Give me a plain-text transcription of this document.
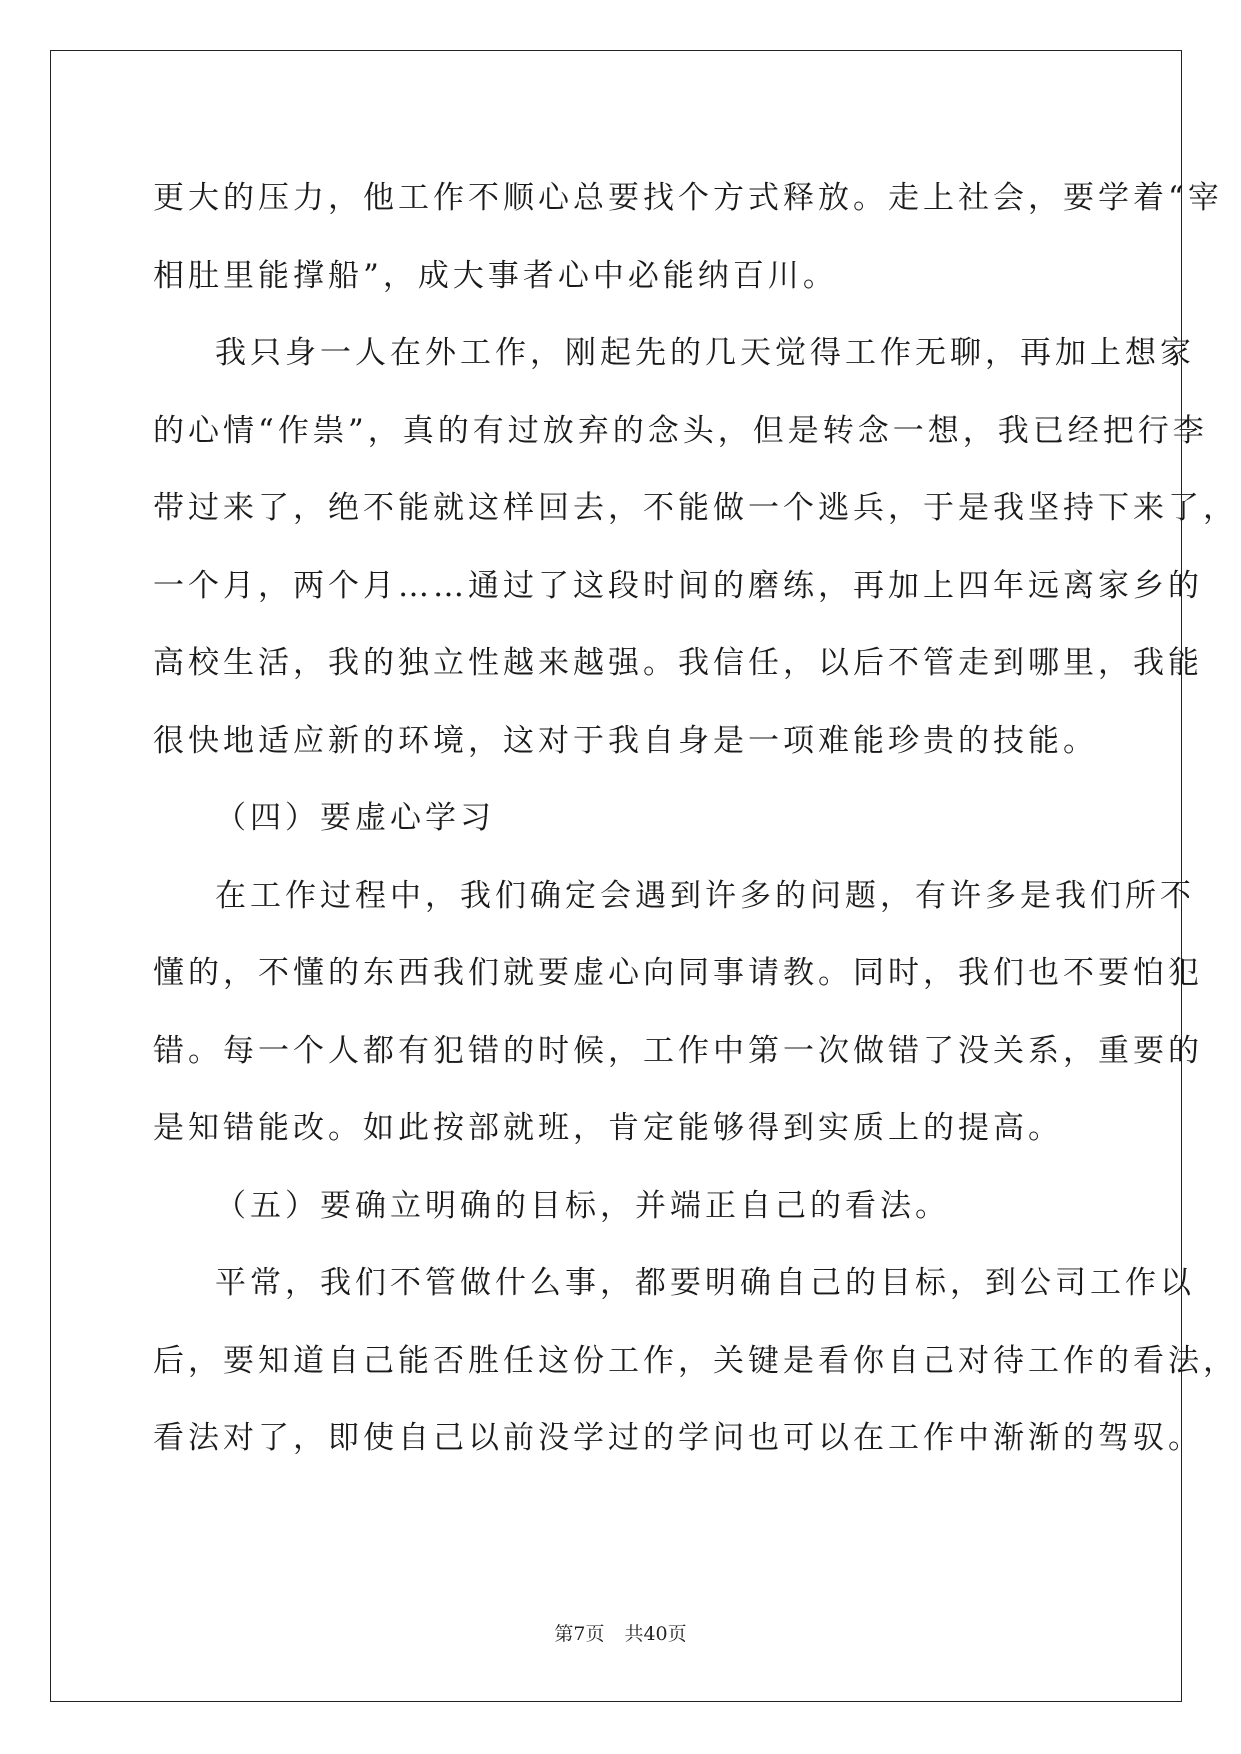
更大的压力，他工作不顺心总要找个方式释放。走上社会，要学着“宰
相肚里能撑船”，成大事者心中必能纳百川。
我只身一人在外工作，刚起先的几天觉得工作无聊，再加上想家
的心情“作祟”，真的有过放弃的念头，但是转念一想，我已经把行李
带过来了，绝不能就这样回去，不能做一个逃兵，于是我坚持下来了，
一个月，两个月……通过了这段时间的磨练，再加上四年远离家乡的
高校生活，我的独立性越来越强。我信任，以后不管走到哪里，我能
很快地适应新的环境，这对于我自身是一项难能珍贵的技能。
（四）要虚心学习
在工作过程中，我们确定会遇到许多的问题，有许多是我们所不
懂的，不懂的东西我们就要虚心向同事请教。同时，我们也不要怕犯
错。每一个人都有犯错的时候，工作中第一次做错了没关系，重要的
是知错能改。如此按部就班，肯定能够得到实质上的提高。
（五）要确立明确的目标，并端正自己的看法。
平常，我们不管做什么事，都要明确自己的目标，到公司工作以
后，要知道自己能否胜任这份工作，关键是看你自己对待工作的看法，
看法对了，即使自己以前没学过的学问也可以在工作中渐渐的驾驭。
第7页 共40页
